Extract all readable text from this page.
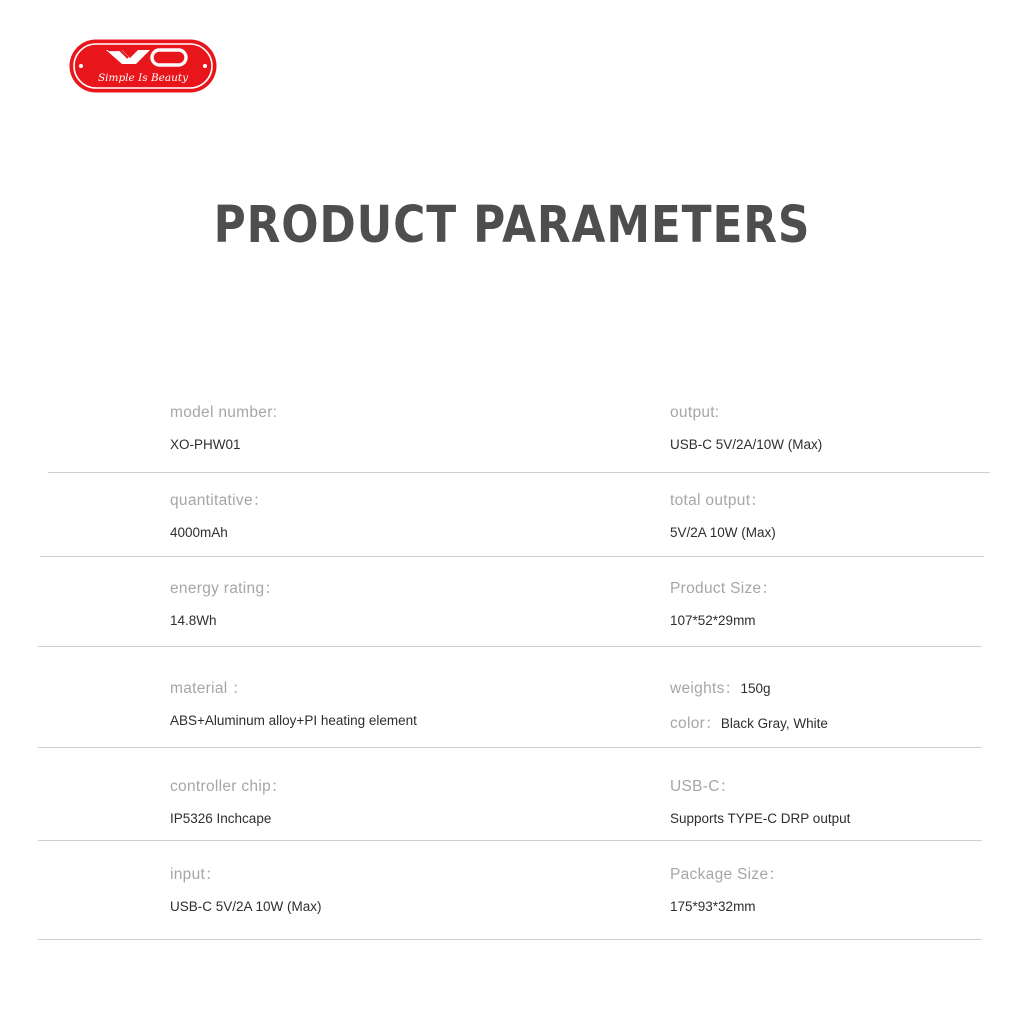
Simple Is Beauty
PRODUCT PARAMETERS
model number:
XO-PHW01
output:
USB-C 5V/2A/10W (Max)
quantitative：
4000mAh
total output：
5V/2A 10W (Max)
energy rating：
14.8Wh
Product Size：
107*52*29mm
material ：
ABS+Aluminum alloy+PI heating element
weights：150g
color：Black Gray, White
controller chip：
IP5326 Inchcape
USB-C：
Supports TYPE-C DRP output
input：
USB-C 5V/2A 10W (Max)
Package Size：
175*93*32mm
